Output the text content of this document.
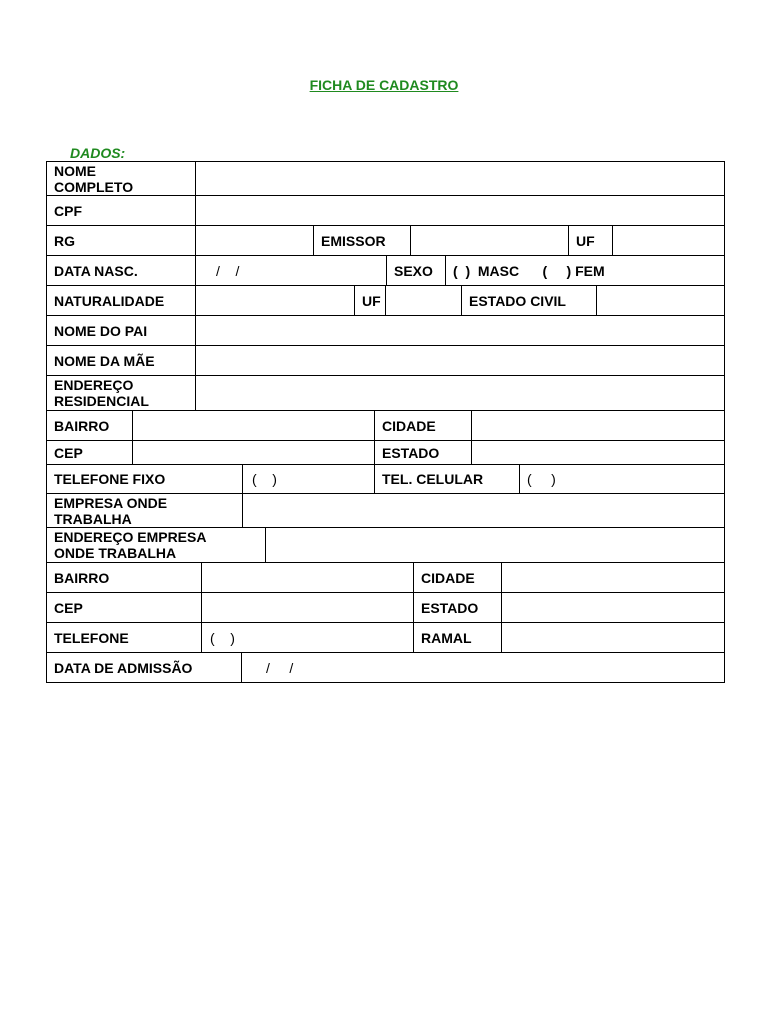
FICHA DE CADASTRO
DADOS:
NOME
COMPLETO
CPF
RG	EMISSOR	UF
DATA NASC.	/    /	SEXO (  )  MASC      (     ) FEM
NATURALIDADE	UF	ESTADO CIVIL
NOME DO PAI
NOME DA MÃE
ENDEREÇO
RESIDENCIAL
BAIRRO	CIDADE
CEP	ESTADO
TELEFONE FIXO	(    )	TEL. CELULAR	(     )
EMPRESA ONDE
TRABALHA
ENDEREÇO EMPRESA
ONDE TRABALHA
BAIRRO	CIDADE
CEP	ESTADO
TELEFONE	(    )	RAMAL
DATA DE ADMISSÃO	/     /
